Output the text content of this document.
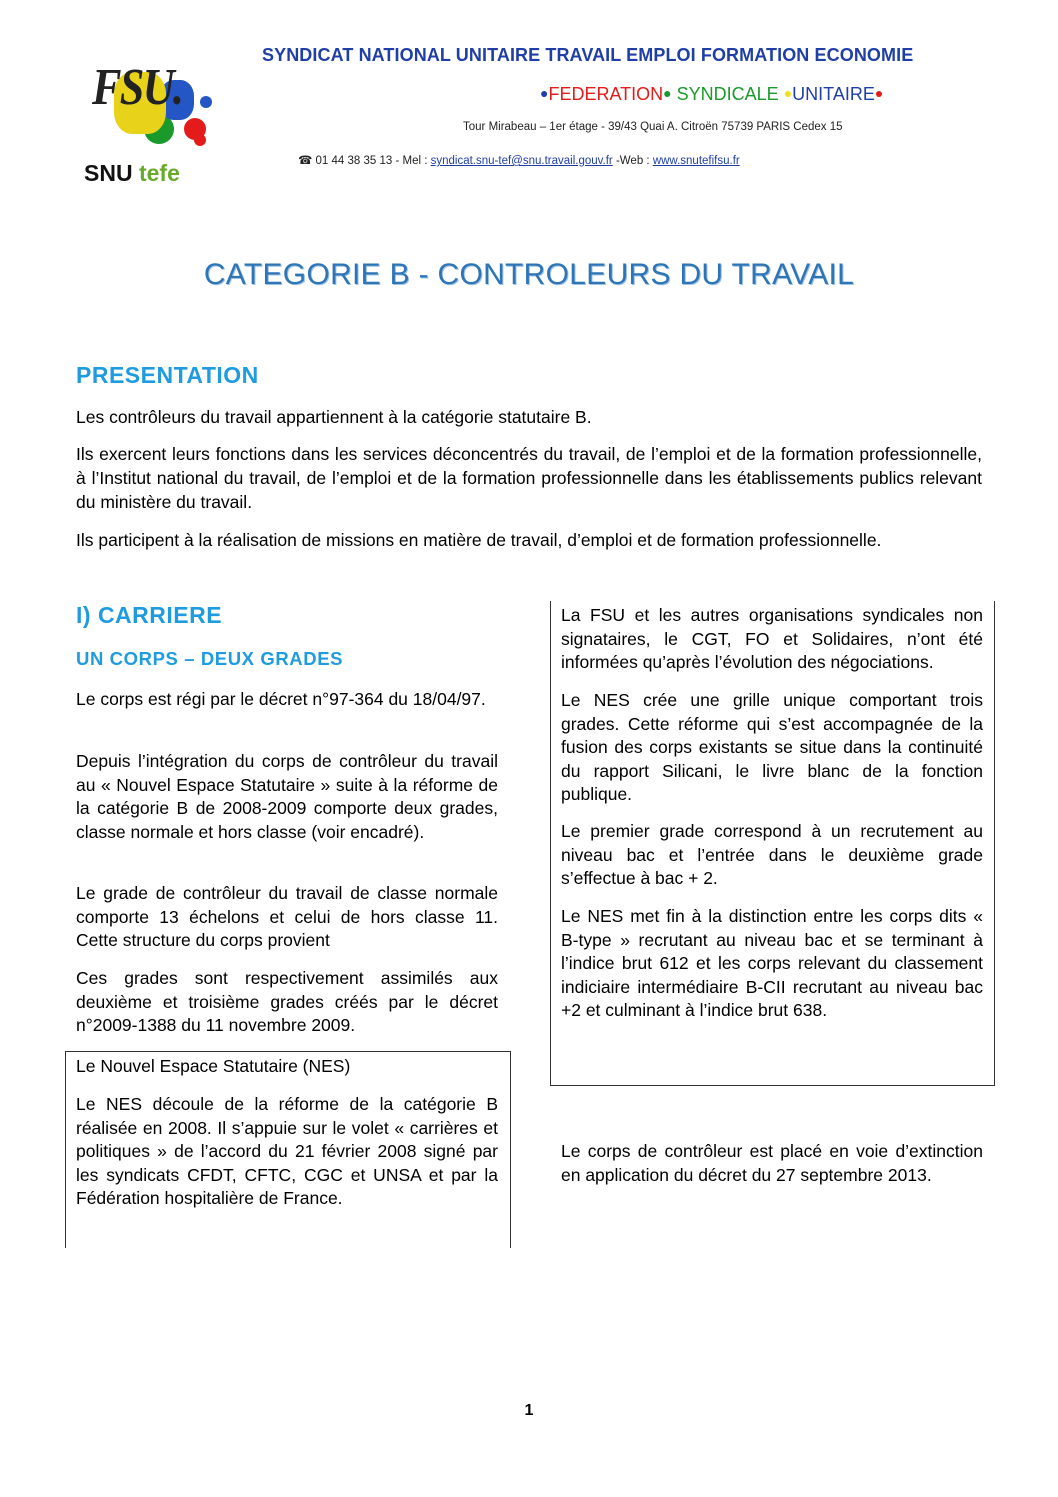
FSU.
SNU tefe
SYNDICAT NATIONAL UNITAIRE TRAVAIL EMPLOI FORMATION ECONOMIE
●FEDERATION● SYNDICALE ●UNITAIRE●
Tour Mirabeau – 1er étage - 39/43 Quai A. Citroën 75739 PARIS Cedex 15
☎ 01 44 38 35 13 - Mel : syndicat.snu-tef@snu.travail.gouv.fr -Web : www.snutefifsu.fr
CATEGORIE B - CONTROLEURS DU TRAVAIL
PRESENTATION
Les contrôleurs du travail appartiennent à la catégorie statutaire B.
Ils exercent leurs fonctions dans les services déconcentrés du travail, de l’emploi et de la formation professionnelle, à l’Institut national du travail, de l’emploi et de la formation professionnelle dans les établissements publics relevant du ministère du travail.
Ils participent à la réalisation de missions en matière de travail, d’emploi et de formation professionnelle.
I) CARRIERE
UN CORPS – DEUX GRADES
Le corps est régi par le décret n°97-364 du 18/04/97.
Depuis l’intégration du corps de contrôleur du travail au « Nouvel Espace Statutaire » suite à la réforme de la catégorie B de 2008-2009 comporte deux grades, classe normale et hors classe (voir encadré).
Le grade de contrôleur du travail de classe normale comporte 13 échelons et celui de hors classe 11. Cette structure du corps provient
Ces grades sont respectivement assimilés aux deuxième et troisième grades créés par le décret n°2009-1388 du 11 novembre 2009.
Le Nouvel Espace Statutaire (NES)
Le NES découle de la réforme de la catégorie B réalisée en 2008. Il s’appuie sur le volet « carrières et politiques » de l’accord du 21 février 2008 signé par les syndicats CFDT, CFTC, CGC et UNSA et par la Fédération hospitalière de France.
La FSU et les autres organisations syndicales non signataires, le CGT, FO et Solidaires, n’ont été informées qu’après l’évolution des négociations.
Le NES crée une grille unique comportant trois grades. Cette réforme qui s’est accompagnée de la fusion des corps existants se situe dans la continuité du rapport Silicani, le livre blanc de la fonction publique.
Le premier grade correspond à un recrutement au niveau bac et l’entrée dans le deuxième grade s’effectue à bac + 2.
Le NES met fin à la distinction entre les corps dits « B-type » recrutant au niveau bac et se terminant à l’indice brut 612 et les corps relevant du classement indiciaire intermédiaire B-CII recrutant au niveau bac +2 et culminant à l’indice brut 638.
Le corps de contrôleur est placé en voie d’extinction en application du décret du 27 septembre 2013.
1
